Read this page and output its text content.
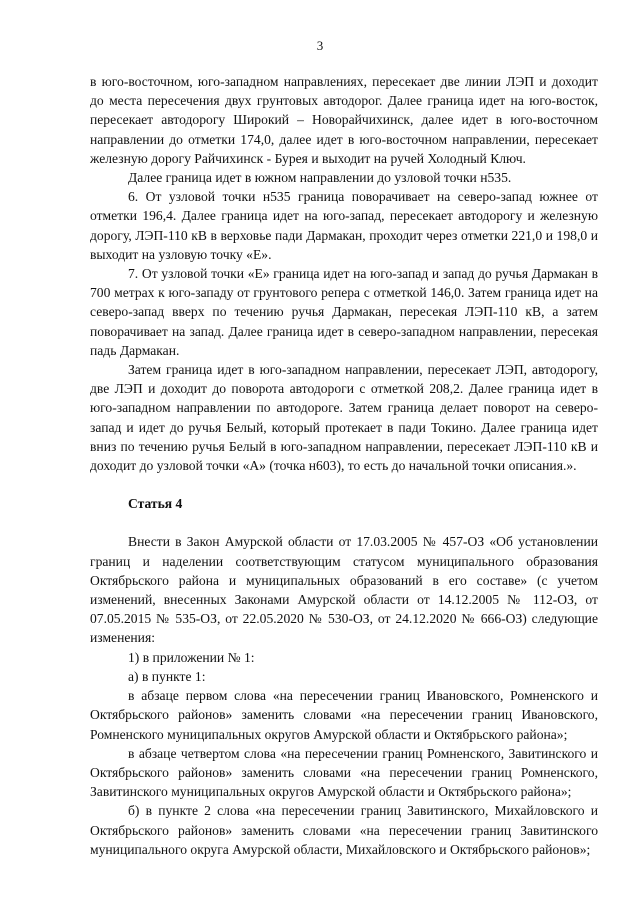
3

в юго-восточном, юго-западном направлениях, пересекает две линии ЛЭП и доходит до места пересечения двух грунтовых автодорог. Далее граница идет на юго-восток, пересекает автодорогу Широкий – Новорайчихинск, далее идет в юго-восточном направлении до отметки 174,0, далее идет в юго-восточном направлении, пересекает железную дорогу Райчихинск - Бурея и выходит на ручей Холодный Ключ.

Далее граница идет в южном направлении до узловой точки н535.

6. От узловой точки н535 граница поворачивает на северо-запад южнее от отметки 196,4. Далее граница идет на юго-запад, пересекает автодорогу и железную дорогу, ЛЭП-110 кВ в верховье пади Дармакан, проходит через отметки 221,0 и 198,0 и выходит на узловую точку «Е».

7. От узловой точки «Е» граница идет на юго-запад и запад до ручья Дармакан в 700 метрах к юго-западу от грунтового репера с отметкой 146,0. Затем граница идет на северо-запад вверх по течению ручья Дармакан, пересекая ЛЭП-110 кВ, а затем поворачивает на запад. Далее граница идет в северо-западном направлении, пересекая падь Дармакан.

Затем граница идет в юго-западном направлении, пересекает ЛЭП, автодорогу, две ЛЭП и доходит до поворота автодороги с отметкой 208,2. Далее граница идет в юго-западном направлении по автодороге. Затем граница делает поворот на северо-запад и идет до ручья Белый, который протекает в пади Токино. Далее граница идет вниз по течению ручья Белый в юго-западном направлении, пересекает ЛЭП-110 кВ и доходит до узловой точки «А» (точка н603), то есть до начальной точки описания.».

Статья 4

Внести в Закон Амурской области от 17.03.2005 № 457-ОЗ «Об установлении границ и наделении соответствующим статусом муниципального образования Октябрьского района и муниципальных образований в его составе» (с учетом изменений, внесенных Законами Амурской области от 14.12.2005 № 112-ОЗ, от 07.05.2015 № 535-ОЗ, от 22.05.2020 № 530-ОЗ, от 24.12.2020 № 666-ОЗ) следующие изменения:

1) в приложении № 1:

а) в пункте 1:

в абзаце первом слова «на пересечении границ Ивановского, Ромненского и Октябрьского районов» заменить словами «на пересечении границ Ивановского, Ромненского муниципальных округов Амурской области и Октябрьского района»;

в абзаце четвертом слова «на пересечении границ Ромненского, Завитинского и Октябрьского районов» заменить словами «на пересечении границ Ромненского, Завитинского муниципальных округов Амурской области и Октябрьского района»;

б) в пункте 2 слова «на пересечении границ Завитинского, Михайловского и Октябрьского районов» заменить словами «на пересечении границ Завитинского муниципального округа Амурской области, Михайловского и Октябрьского районов»;
